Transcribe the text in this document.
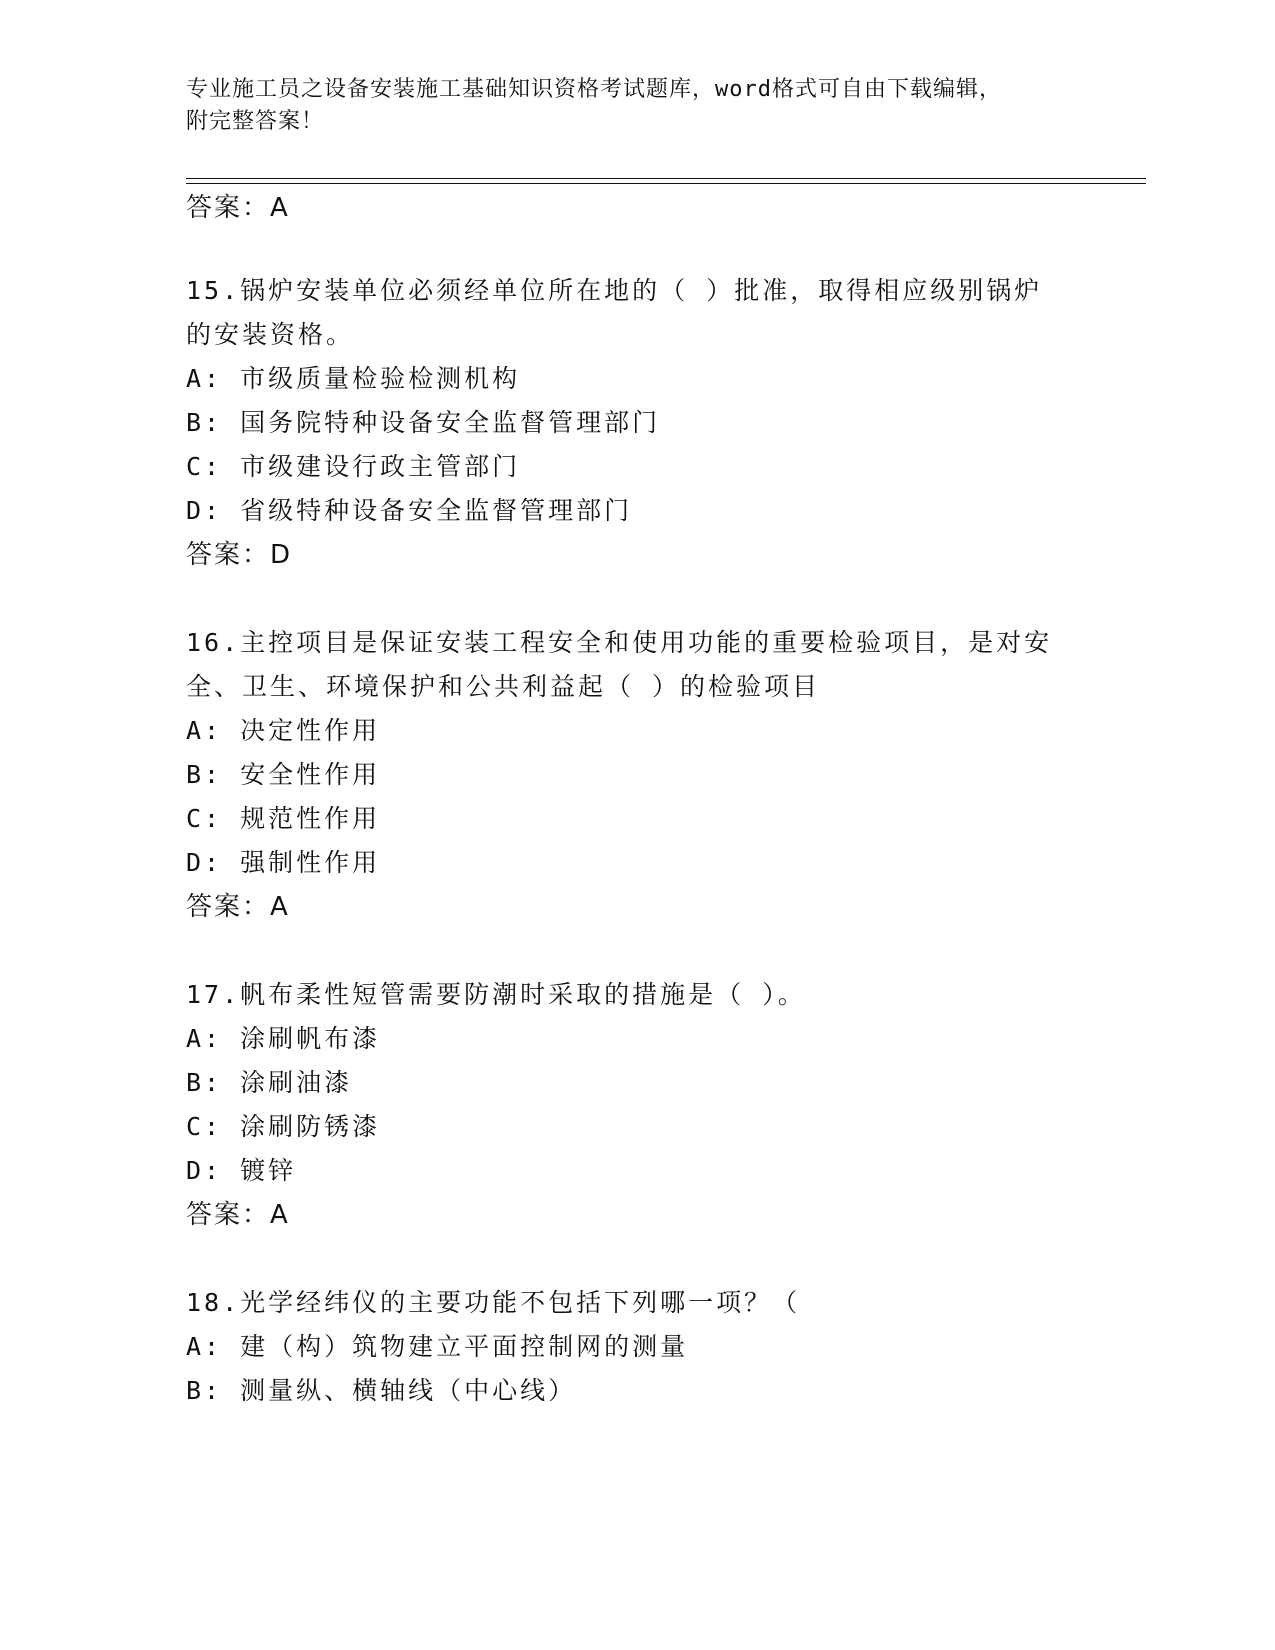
专业施工员之设备安装施工基础知识资格考试题库，word格式可自由下载编辑，
附完整答案！
答案：A
15.锅炉安装单位必须经单位所在地的（ ）批准，取得相应级别锅炉
的安装资格。
A: 市级质量检验检测机构
B: 国务院特种设备安全监督管理部门
C: 市级建设行政主管部门
D: 省级特种设备安全监督管理部门
答案：D
16.主控项目是保证安装工程安全和使用功能的重要检验项目，是对安
全、卫生、环境保护和公共利益起（ ）的检验项目
A: 决定性作用
B: 安全性作用
C: 规范性作用
D: 强制性作用
答案：A
17.帆布柔性短管需要防潮时采取的措施是（ ）。
A: 涂刷帆布漆
B: 涂刷油漆
C: 涂刷防锈漆
D: 镀锌
答案：A
18.光学经纬仪的主要功能不包括下列哪一项？（
A: 建（构）筑物建立平面控制网的测量
B: 测量纵、横轴线（中心线）
